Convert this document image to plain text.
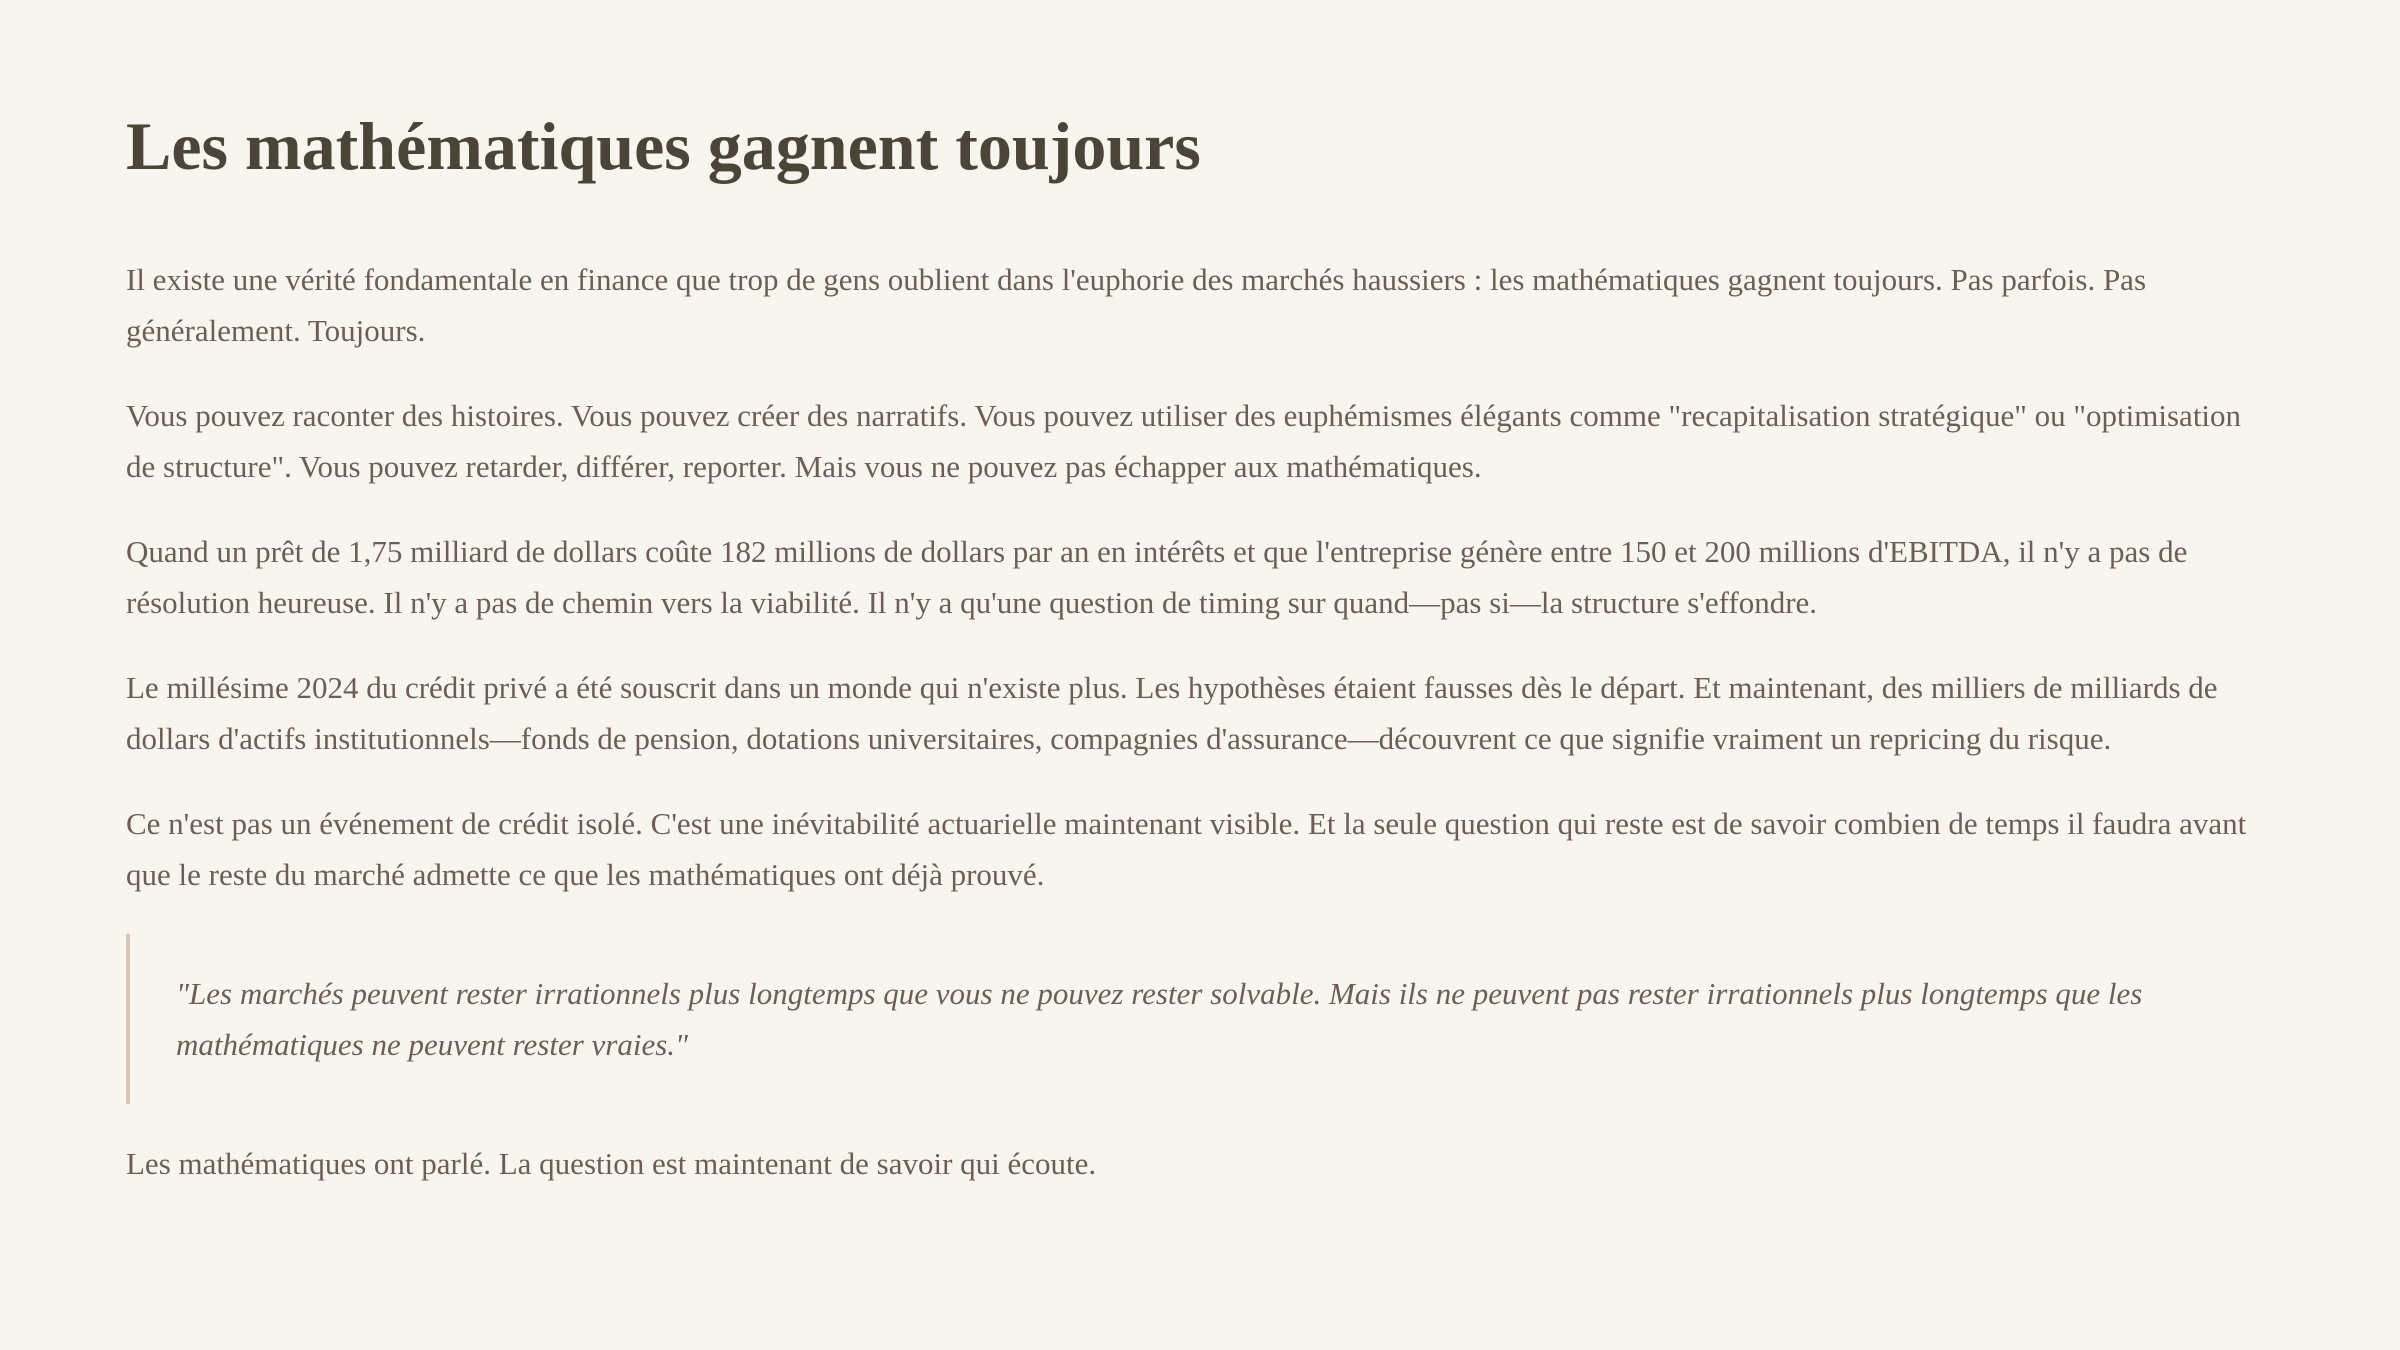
Les mathématiques gagnent toujours

Il existe une vérité fondamentale en finance que trop de gens oublient dans l'euphorie des marchés haussiers : les mathématiques gagnent toujours. Pas parfois. Pas généralement. Toujours.

Vous pouvez raconter des histoires. Vous pouvez créer des narratifs. Vous pouvez utiliser des euphémismes élégants comme "recapitalisation stratégique" ou "optimisation de structure". Vous pouvez retarder, différer, reporter. Mais vous ne pouvez pas échapper aux mathématiques.

Quand un prêt de 1,75 milliard de dollars coûte 182 millions de dollars par an en intérêts et que l'entreprise génère entre 150 et 200 millions d'EBITDA, il n'y a pas de résolution heureuse. Il n'y a pas de chemin vers la viabilité. Il n'y a qu'une question de timing sur quand—pas si—la structure s'effondre.

Le millésime 2024 du crédit privé a été souscrit dans un monde qui n'existe plus. Les hypothèses étaient fausses dès le départ. Et maintenant, des milliers de milliards de dollars d'actifs institutionnels—fonds de pension, dotations universitaires, compagnies d'assurance—découvrent ce que signifie vraiment un repricing du risque.

Ce n'est pas un événement de crédit isolé. C'est une inévitabilité actuarielle maintenant visible. Et la seule question qui reste est de savoir combien de temps il faudra avant que le reste du marché admette ce que les mathématiques ont déjà prouvé.

"Les marchés peuvent rester irrationnels plus longtemps que vous ne pouvez rester solvable. Mais ils ne peuvent pas rester irrationnels plus longtemps que les mathématiques ne peuvent rester vraies."

Les mathématiques ont parlé. La question est maintenant de savoir qui écoute.
